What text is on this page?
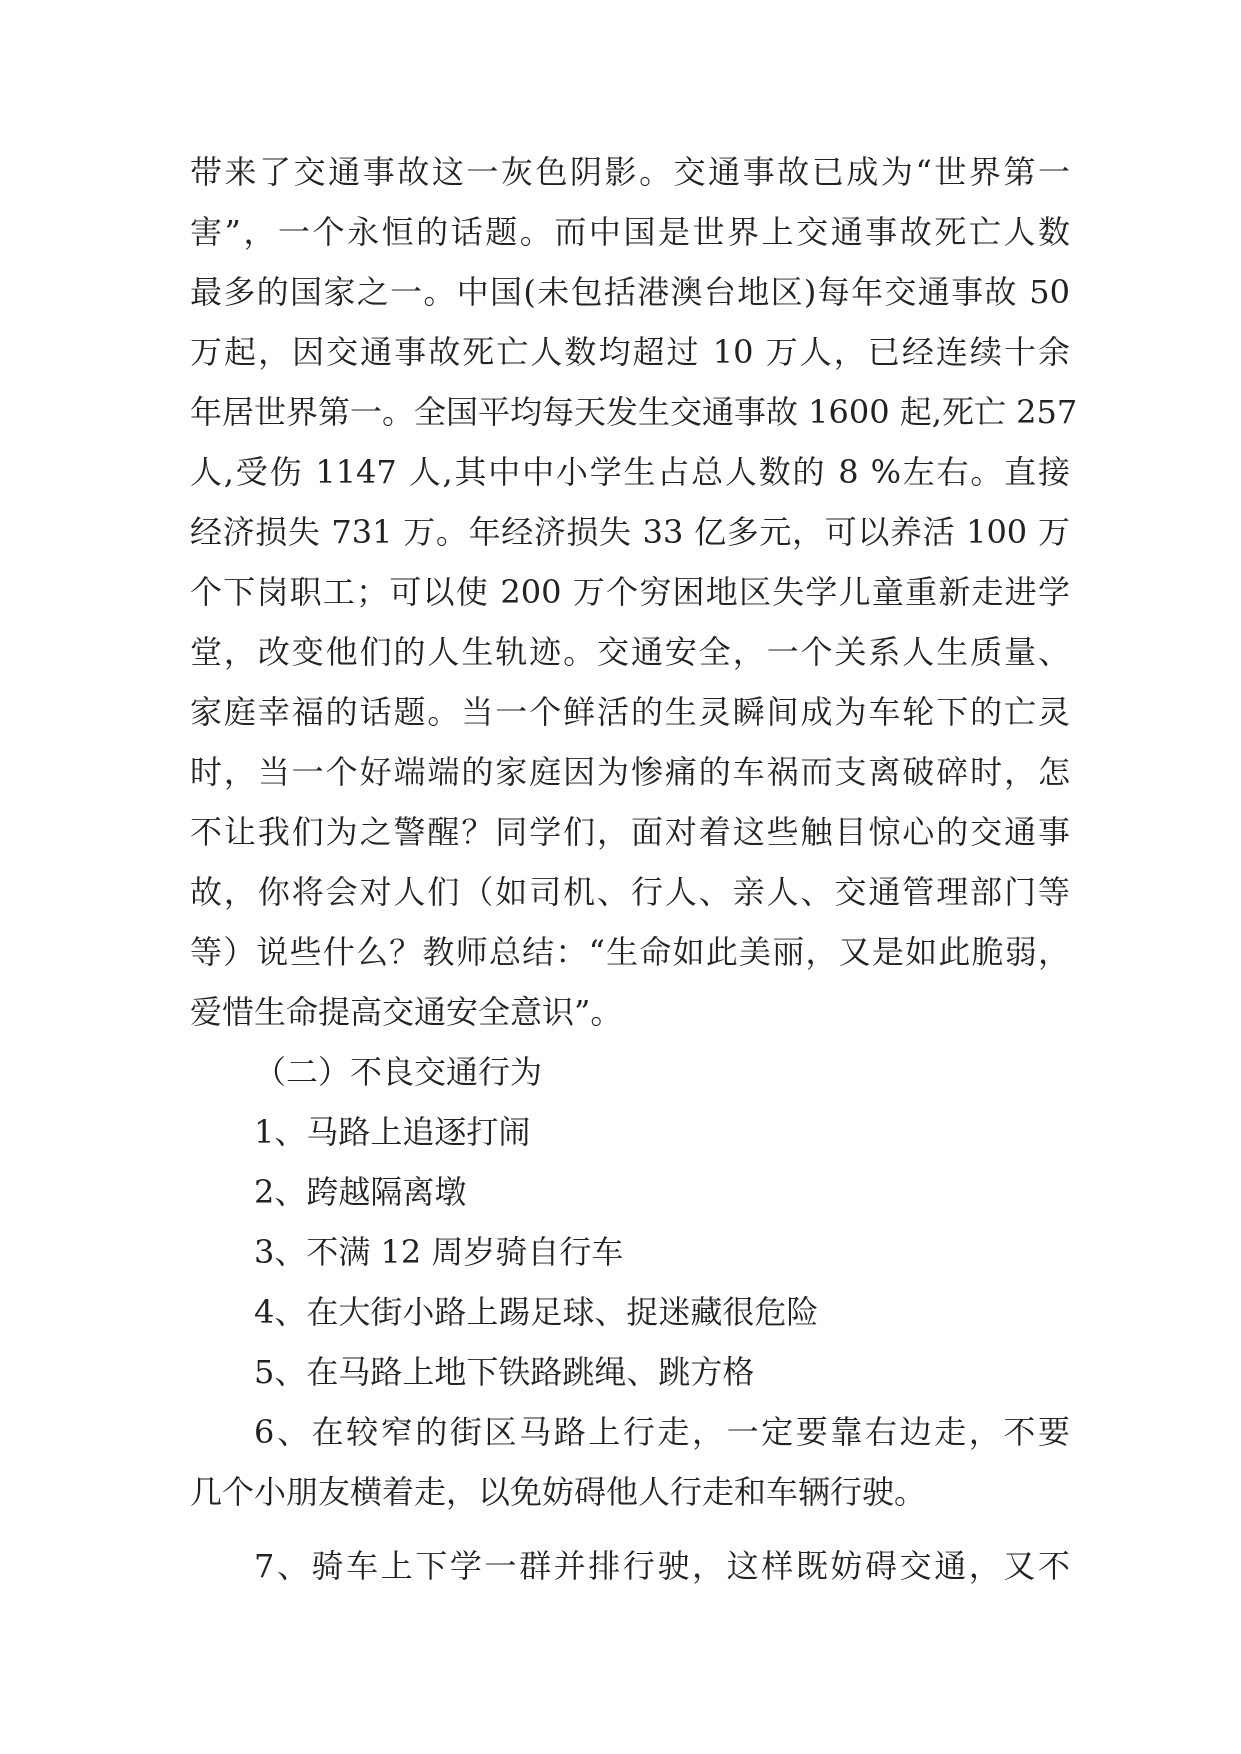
带来了交通事故这一灰色阴影。交通事故已成为“世界第一
害”，一个永恒的话题。而中国是世界上交通事故死亡人数
最多的国家之一。中国(未包括港澳台地区)每年交通事故 50
万起，因交通事故死亡人数均超过 10 万人，已经连续十余
年居世界第一。全国平均每天发生交通事故 1600 起,死亡 257
人,受伤 1147 人,其中中小学生占总人数的 8 %左右。直接
经济损失 731 万。年经济损失 33 亿多元，可以养活 100 万
个下岗职工；可以使 200 万个穷困地区失学儿童重新走进学
堂，改变他们的人生轨迹。交通安全，一个关系人生质量、
家庭幸福的话题。当一个鲜活的生灵瞬间成为车轮下的亡灵
时，当一个好端端的家庭因为惨痛的车祸而支离破碎时，怎
不让我们为之警醒？同学们，面对着这些触目惊心的交通事
故，你将会对人们（如司机、行人、亲人、交通管理部门等
等）说些什么？教师总结：“生命如此美丽，又是如此脆弱，
爱惜生命提高交通安全意识”。
（二）不良交通行为
1、马路上追逐打闹
2、跨越隔离墩
3、不满 12 周岁骑自行车
4、在大街小路上踢足球、捉迷藏很危险
5、在马路上地下铁路跳绳、跳方格
6、在较窄的街区马路上行走，一定要靠右边走，不要
几个小朋友横着走，以免妨碍他人行走和车辆行驶。
7、骑车上下学一群并排行驶，这样既妨碍交通，又不
